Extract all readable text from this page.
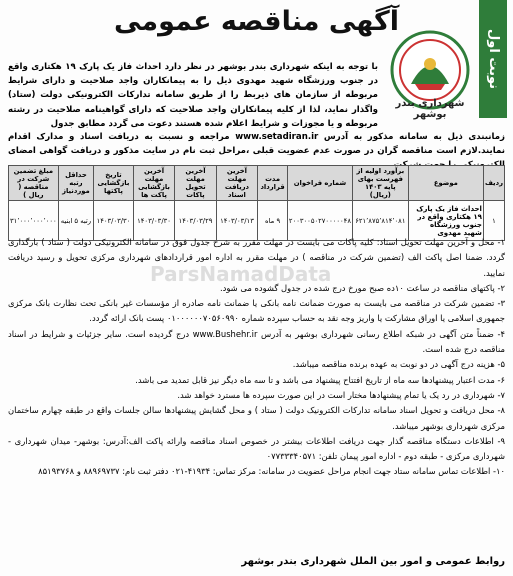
نوبت اول
شهرداری بندر بوشهر
آگهی مناقصه عمومی

با توجه به اینکه شهرداری بندر بوشهر در نظر دارد احداث فاز یک پارک ۱۹ هکتاری واقع در جنوب ورزشگاه شهید مهدوی ذیل را به پیمانکاران واجد صلاحیت و دارای شرایط مربوطه از سازمان های ذیربط را از طریق سامانه تدارکات الکترونیکی دولت (ستاد) واگذار نماید، لذا از کلیه پیمانکاران واجد صلاحیت که دارای گواهینامه صلاحیت در رشته مربوطه و یا مجوزات و شرایط اعلام شده هستند دعوت می گردد مطابق جدول

زمانبندی ذیل به سامانه مذکور به آدرس www.setadiran.ir مراجعه و نسبت به دریافت اسناد و مدارک اقدام نمایند.لازم است مناقصه گران در صورت عدم عضویت قبلی ،مراحل ثبت نام در سایت مذکور و دریافت گواهی امضای

ردیف	موضوع	برآورد اولیه از فهرست بهای پایه ۱۴۰۳ (ریال)	شماره فراخوان	مدت قرارداد	آخرین مهلت دریافت اسناد	آخرین مهلت تحویل پاکات	آخرین مهلت بازگشایی پاکت ها	تاریخ بازگشایی پاکتها	حداقل رتبه موردنیاز	مبلغ تضمین شرکت در مناقصه ( ریال )
۱	احداث فاز یک پارک ۱۹ هکتاری واقع در جنوب ورزشگاه شهید مهدوی	۶۲۱٬۸۷۵٬۸۱۴٬۰۸۱	۲۰۰۳۰۰۵۰۲۷۰۰۰۰۰۴۸	۹ ماه	۱۴۰۳/۰۳/۱۳	۱۴۰۳/۰۳/۲۹	۱۴۰۳/۰۳/۳۰	۱۴۰۳/۰۳/۳۰	رتبه ۵ ابنیه	۳۱٬۰۰۰٬۰۰۰٬۰۰۰

۱- محل و آخرین مهلت تحویل اسناد: کلیه پاکات می بایست در مهلت مقرر به شرح جدول فوق در سامانه الکترونیکی دولت ( ستاد ) بارگذاری گردد. ضمنا اصل پاکت الف (تضمین شرکت در مناقصه ) در مهلت مقرر به اداره امور قراردادهای شهرداری مرکزی تحویل و رسید دریافت نمایید.

۲- پاکتهای مناقصه در ساعت ۱۰ده صبح مورخ درج شده در جدول گشوده می شود.

۳- تضمین شرکت در مناقصه می بایست به صورت ضمانت نامه بانکی یا ضمانت نامه صادره از مؤسسات غیر بانکی تحت نظارت بانک مرکزی جمهوری اسلامی یا اوراق مشارکت یا واریز وجه نقد به حساب سپرده شماره ۰۱۰۰۰۰۰۰۷۰۵۶۰۹۹۰ پست بانک ارائه گردد.

۴- ضمناً متن آگهی در شبکه اطلاع رسانی شهرداری بوشهر به آدرس www.Bushehr.ir درج گردیده است. سایر جزئیات و شرایط در اسناد مناقصه درج شده است.

۵- هزینه درج آگهی در دو نوبت به عهده برنده مناقصه میباشد.

۶- مدت اعتبار پیشنهادها سه ماه از تاریخ افتتاح پیشنهاد می باشد و تا سه ماه دیگر نیز قابل تمدید می باشد.

۷- شهرداری در رد یک یا تمام پیشنهادها مختار است در این صورت سپرده ها مسترد خواهد شد.

۸- محل دریافت و تحویل اسناد سامانه تدارکات الکترونیک دولت ( ستاد ) و محل گشایش پیشنهادها سالن جلسات واقع در طبقه چهارم ساختمان مرکزی شهرداری بوشهر میباشد.

۹- اطلاعات دستگاه مناقصه گذار جهت دریافت اطلاعات بیشتر در خصوص اسناد مناقصه وارائه پاکت الف:آدرس: بوشهر- میدان شهرداری - شهرداری مرکزی - طبقه دوم - اداره امور پیمان تلفن: ۰۷۷۳۳۳۴۰۵۷۱

۱۰- اطلاعات تماس سامانه ستاد جهت انجام مراحل عضویت در سامانه: مرکز تماس: ۴۱۹۳۴-۰۲۱ دفتر ثبت نام: ۸۸۹۶۹۷۳۷ و ۸۵۱۹۳۷۶۸

ParsNamadData
روابط عمومی و امور بین الملل شهرداری بندر بوشهر
